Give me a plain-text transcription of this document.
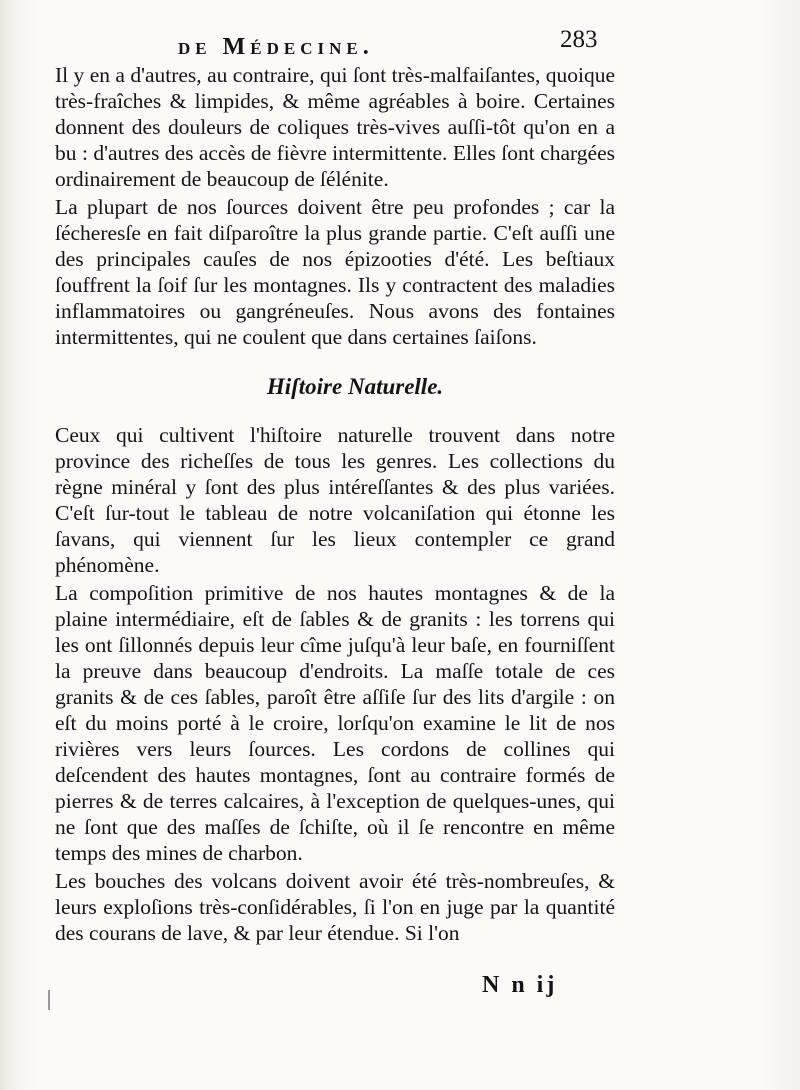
de Médecine.	283

Il y en a d'autres, au contraire, qui ſont très-malfaiſantes, quoique très-fraîches & limpides, & même agréables à boire. Certaines donnent des douleurs de coliques très-vives auſſi-tôt qu'on en a bu : d'autres des accès de fièvre intermittente. Elles ſont chargées ordinairement de beaucoup de ſélénite.

La plupart de nos ſources doivent être peu profondes ; car la ſécheresſe en fait diſparoître la plus grande partie. C'eſt auſſi une des principales cauſes de nos épizooties d'été. Les beſtiaux ſouffrent la ſoif ſur les montagnes. Ils y contractent des maladies inflammatoires ou gangréneuſes. Nous avons des fontaines intermittentes, qui ne coulent que dans certaines ſaiſons.

Hiſtoire Naturelle.

Ceux qui cultivent l'hiſtoire naturelle trouvent dans notre province des richeſſes de tous les genres. Les collections du règne minéral y ſont des plus intéreſſantes & des plus variées. C'eſt ſur-tout le tableau de notre volcaniſation qui étonne les ſavans, qui viennent ſur les lieux contempler ce grand phénomène.

La compoſition primitive de nos hautes montagnes & de la plaine intermédiaire, eſt de ſables & de granits : les torrens qui les ont ſillonnés depuis leur cîme juſqu'à leur baſe, en fourniſſent la preuve dans beaucoup d'endroits. La maſſe totale de ces granits & de ces ſables, paroît être aſſiſe ſur des lits d'argile : on eſt du moins porté à le croire, lorſqu'on examine le lit de nos rivières vers leurs ſources. Les cordons de collines qui deſcendent des hautes montagnes, ſont au contraire formés de pierres & de terres calcaires, à l'exception de quelques-unes, qui ne ſont que des maſſes de ſchiſte, où il ſe rencontre en même temps des mines de charbon.

Les bouches des volcans doivent avoir été très-nombreuſes, & leurs exploſions très-conſidérables, ſi l'on en juge par la quantité des courans de lave, & par leur étendue. Si l'on

N n ij
